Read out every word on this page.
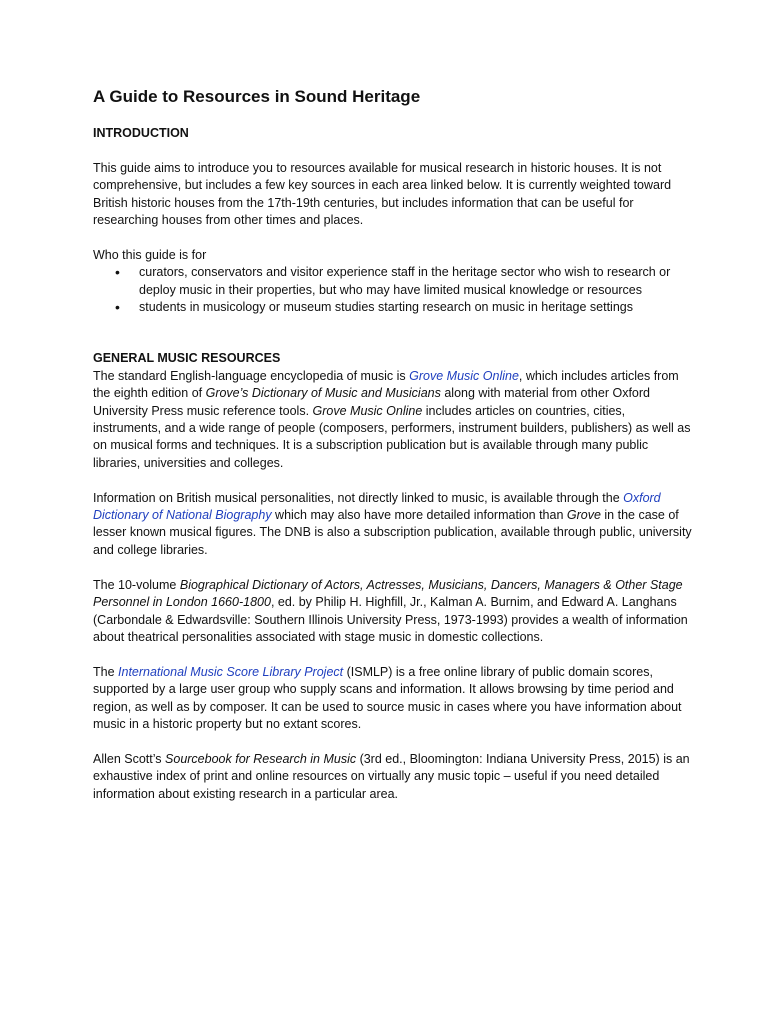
A Guide to Resources in Sound Heritage
INTRODUCTION

This guide aims to introduce you to resources available for musical research in historic houses. It is not comprehensive, but includes a few key sources in each area linked below. It is currently weighted toward British historic houses from the 17th-19th centuries, but includes information that can be useful for researching houses from other times and places.

Who this guide is for

• curators, conservators and visitor experience staff in the heritage sector who wish to research or deploy music in their properties, but who may have limited musical knowledge or resources
• students in musicology or museum studies starting research on music in heritage settings
GENERAL MUSIC RESOURCES

The standard English-language encyclopedia of music is Grove Music Online, which includes articles from the eighth edition of Grove’s Dictionary of Music and Musicians along with material from other Oxford University Press music reference tools. Grove Music Online includes articles on countries, cities, instruments, and a wide range of people (composers, performers, instrument builders, publishers) as well as on musical forms and techniques. It is a subscription publication but is available through many public libraries, universities and colleges.

Information on British musical personalities, not directly linked to music, is available through the Oxford Dictionary of National Biography which may also have more detailed information than Grove in the case of lesser known musical figures. The DNB is also a subscription publication, available through public, university and college libraries.

The 10-volume Biographical Dictionary of Actors, Actresses, Musicians, Dancers, Managers & Other Stage Personnel in London 1660-1800, ed. by Philip H. Highfill, Jr., Kalman A. Burnim, and Edward A. Langhans (Carbondale & Edwardsville: Southern Illinois University Press, 1973-1993) provides a wealth of information about theatrical personalities associated with stage music in domestic collections.

The International Music Score Library Project (ISMLP) is a free online library of public domain scores, supported by a large user group who supply scans and information. It allows browsing by time period and region, as well as by composer. It can be used to source music in cases where you have information about music in a historic property but no extant scores.

Allen Scott’s Sourcebook for Research in Music (3rd ed., Bloomington: Indiana University Press, 2015) is an exhaustive index of print and online resources on virtually any music topic – useful if you need detailed information about existing research in a particular area.
